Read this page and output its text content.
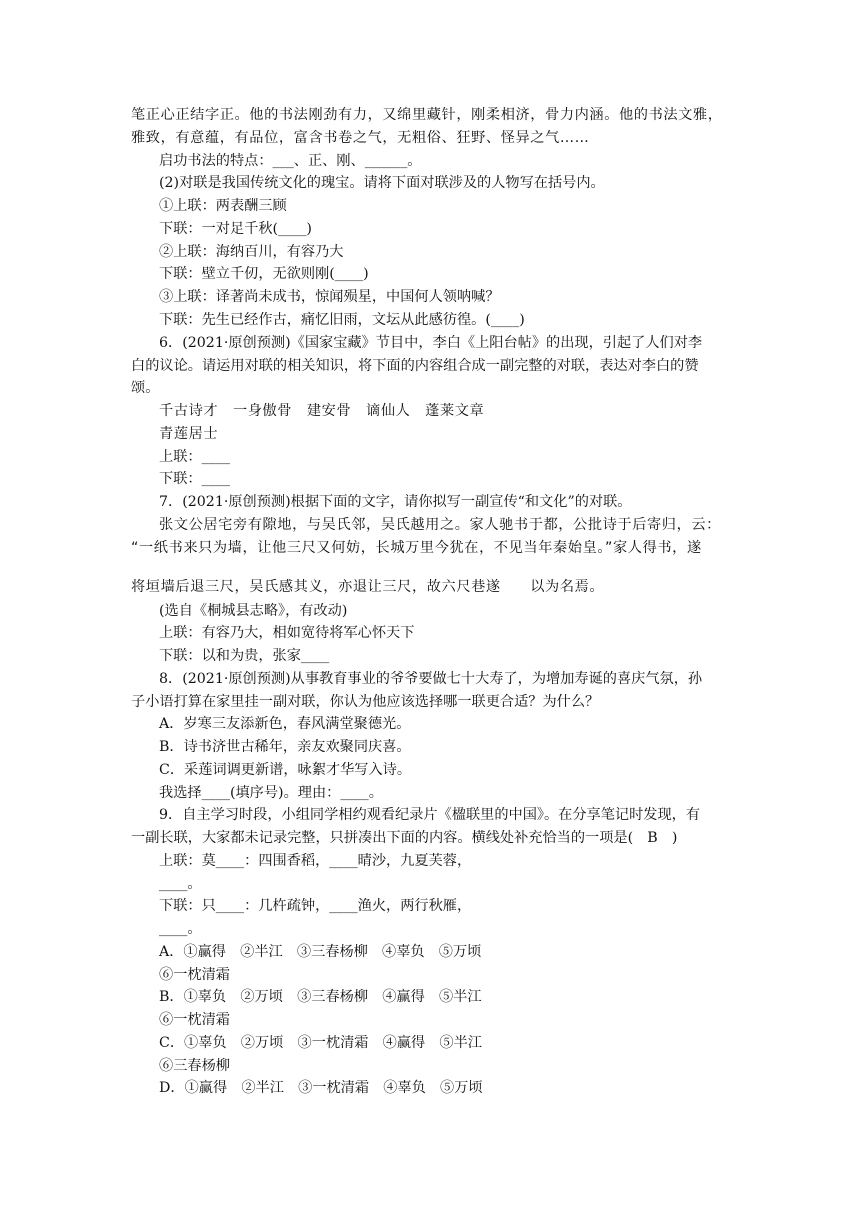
笔正心正结字正。他的书法刚劲有力，又绵里藏针，刚柔相济，骨力内涵。他的书法文雅，
雅致，有意蕴，有品位，富含书卷之气，无粗俗、狂野、怪异之气……
启功书法的特点：___、正、刚、______。
(2)对联是我国传统文化的瑰宝。请将下面对联涉及的人物写在括号内。
①上联：两表酬三顾
下联：一对足千秋(____)
②上联：海纳百川，有容乃大
下联：壁立千仞，无欲则刚(____)
③上联：译著尚未成书，惊闻殒星，中国何人领呐喊？
下联：先生已经作古，痛忆旧雨，文坛从此感彷徨。(____)
6．(2021·原创预测)《国家宝藏》节目中，李白《上阳台帖》的出现，引起了人们对李
白的议论。请运用对联的相关知识，将下面的内容组合成一副完整的对联，表达对李白的赞
颂。
千古诗才　一身傲骨　建安骨　谪仙人　蓬莱文章
青莲居士
上联：____
下联：____
7．(2021·原创预测)根据下面的文字，请你拟写一副宣传“和文化”的对联。
张文公居宅旁有隙地，与吴氏邻，吴氏越用之。家人驰书于都，公批诗于后寄归，云：
“一纸书来只为墙，让他三尺又何妨，长城万里今犹在，不见当年秦始皇。”家人得书，遂
将垣墙后退三尺，吴氏感其义，亦退让三尺，故六尺巷遂　　以为名焉。
(选自《桐城县志略》，有改动)
上联：有容乃大，相如宽待将军心怀天下
下联：以和为贵，张家____
8．(2021·原创预测)从事教育事业的爷爷要做七十大寿了，为增加寿诞的喜庆气氛，孙
子小语打算在家里挂一副对联，你认为他应该选择哪一联更合适？为什么？
A．岁寒三友添新色，春风满堂聚德光。
B．诗书济世古稀年，亲友欢聚同庆喜。
C．采莲词调更新谱，咏絮才华写入诗。
我选择____(填序号)。理由：____。
9．自主学习时段，小组同学相约观看纪录片《楹联里的中国》。在分享笔记时发现，有
一副长联，大家都未记录完整，只拼凑出下面的内容。横线处补充恰当的一项是(　B　)
上联：莫____：四围香稻，____晴沙，九夏芙蓉，
____。
下联：只____：几杵疏钟，____渔火，两行秋雁，
____。
A．①赢得　②半江　③三春杨柳　④辜负　⑤万顷
⑥一枕清霜
B．①辜负　②万顷　③三春杨柳　④赢得　⑤半江
⑥一枕清霜
C．①辜负　②万顷　③一枕清霜　④赢得　⑤半江
⑥三春杨柳
D．①赢得　②半江　③一枕清霜　④辜负　⑤万顷
